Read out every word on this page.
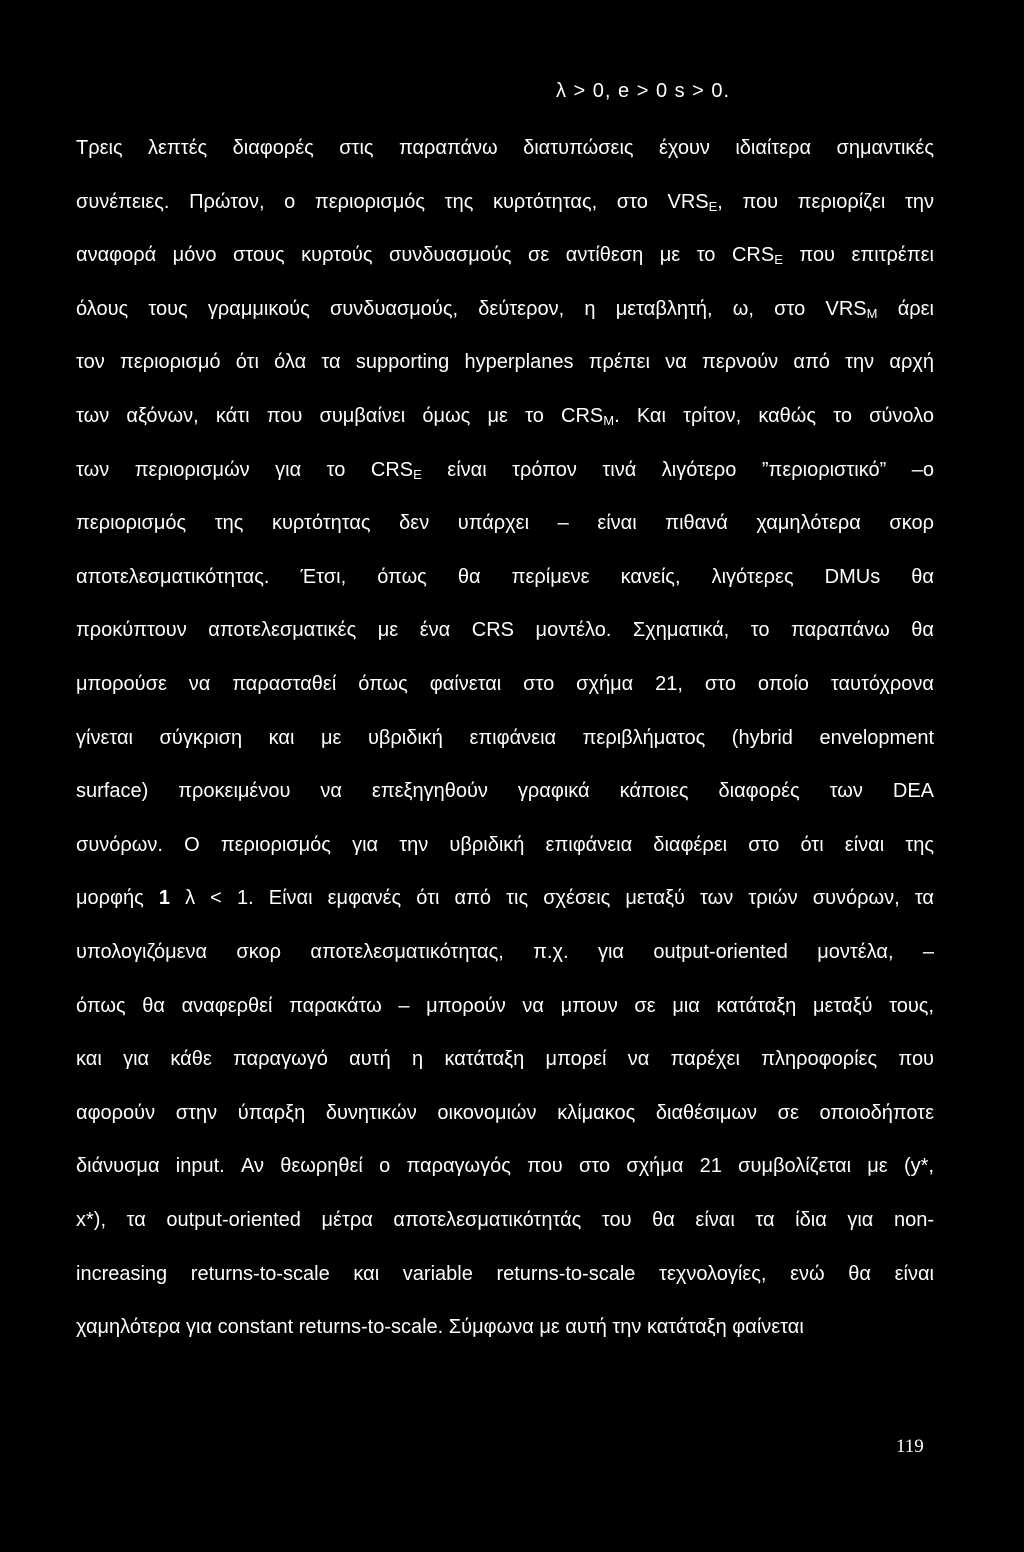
λ > 0, e > 0 s > 0.
Τρεις λεπτές διαφορές στις παραπάνω διατυπώσεις έχουν ιδιαίτερα σημαντικές
συνέπειες. Πρώτον, ο περιορισμός της κυρτότητας, στο $VRS_E$, που περιορίζει την
αναφορά μόνο στους κυρτούς συνδυασμούς σε αντίθεση με το $CRS_E$ που επιτρέπει
όλους τους γραμμικούς συνδυασμούς, δεύτερον, η μεταβλητή, ω, στο $VRS_M$ άρει
τον περιορισμό ότι όλα τα supporting hyperplanes πρέπει να περνούν από την αρχή
των αξόνων, κάτι που συμβαίνει όμως με το $CRS_M$. Και τρίτον, καθώς το σύνολο
των περιορισμών για το $CRS_E$ είναι τρόπον τινά λιγότερο ”περιοριστικό” –ο
περιορισμός της κυρτότητας δεν υπάρχει – είναι πιθανά χαμηλότερα σκορ
αποτελεσματικότητας. Έτσι, όπως θα περίμενε κανείς, λιγότερες DMUs θα
προκύπτουν αποτελεσματικές με ένα CRS μοντέλο. Σχηματικά, το παραπάνω θα
μπορούσε να παρασταθεί όπως φαίνεται στο σχήμα 21, στο οποίο ταυτόχρονα
γίνεται σύγκριση και με υβριδική επιφάνεια περιβλήματος (hybrid envelopment
surface) προκειμένου να επεξηγηθούν γραφικά κάποιες διαφορές των DEA
συνόρων. Ο περιορισμός για την υβριδική επιφάνεια διαφέρει στο ότι είναι της
μορφής 1 λ < 1. Είναι εμφανές ότι από τις σχέσεις μεταξύ των τριών συνόρων, τα
υπολογιζόμενα σκορ αποτελεσματικότητας, π.χ. για output-oriented μοντέλα, –
όπως θα αναφερθεί παρακάτω – μπορούν να μπουν σε μια κατάταξη μεταξύ τους,
και για κάθε παραγωγό αυτή η κατάταξη μπορεί να παρέχει πληροφορίες που
αφορούν στην ύπαρξη δυνητικών οικονομιών κλίμακος διαθέσιμων σε οποιοδήποτε
διάνυσμα input. Αν θεωρηθεί ο παραγωγός που στο σχήμα 21 συμβολίζεται με (y*,
x*), τα output-oriented μέτρα αποτελεσματικότητάς του θα είναι τα ίδια για non-
increasing returns-to-scale και variable returns-to-scale τεχνολογίες, ενώ θα είναι
χαμηλότερα για constant returns-to-scale. Σύμφωνα με αυτή την κατάταξη φαίνεται
119
